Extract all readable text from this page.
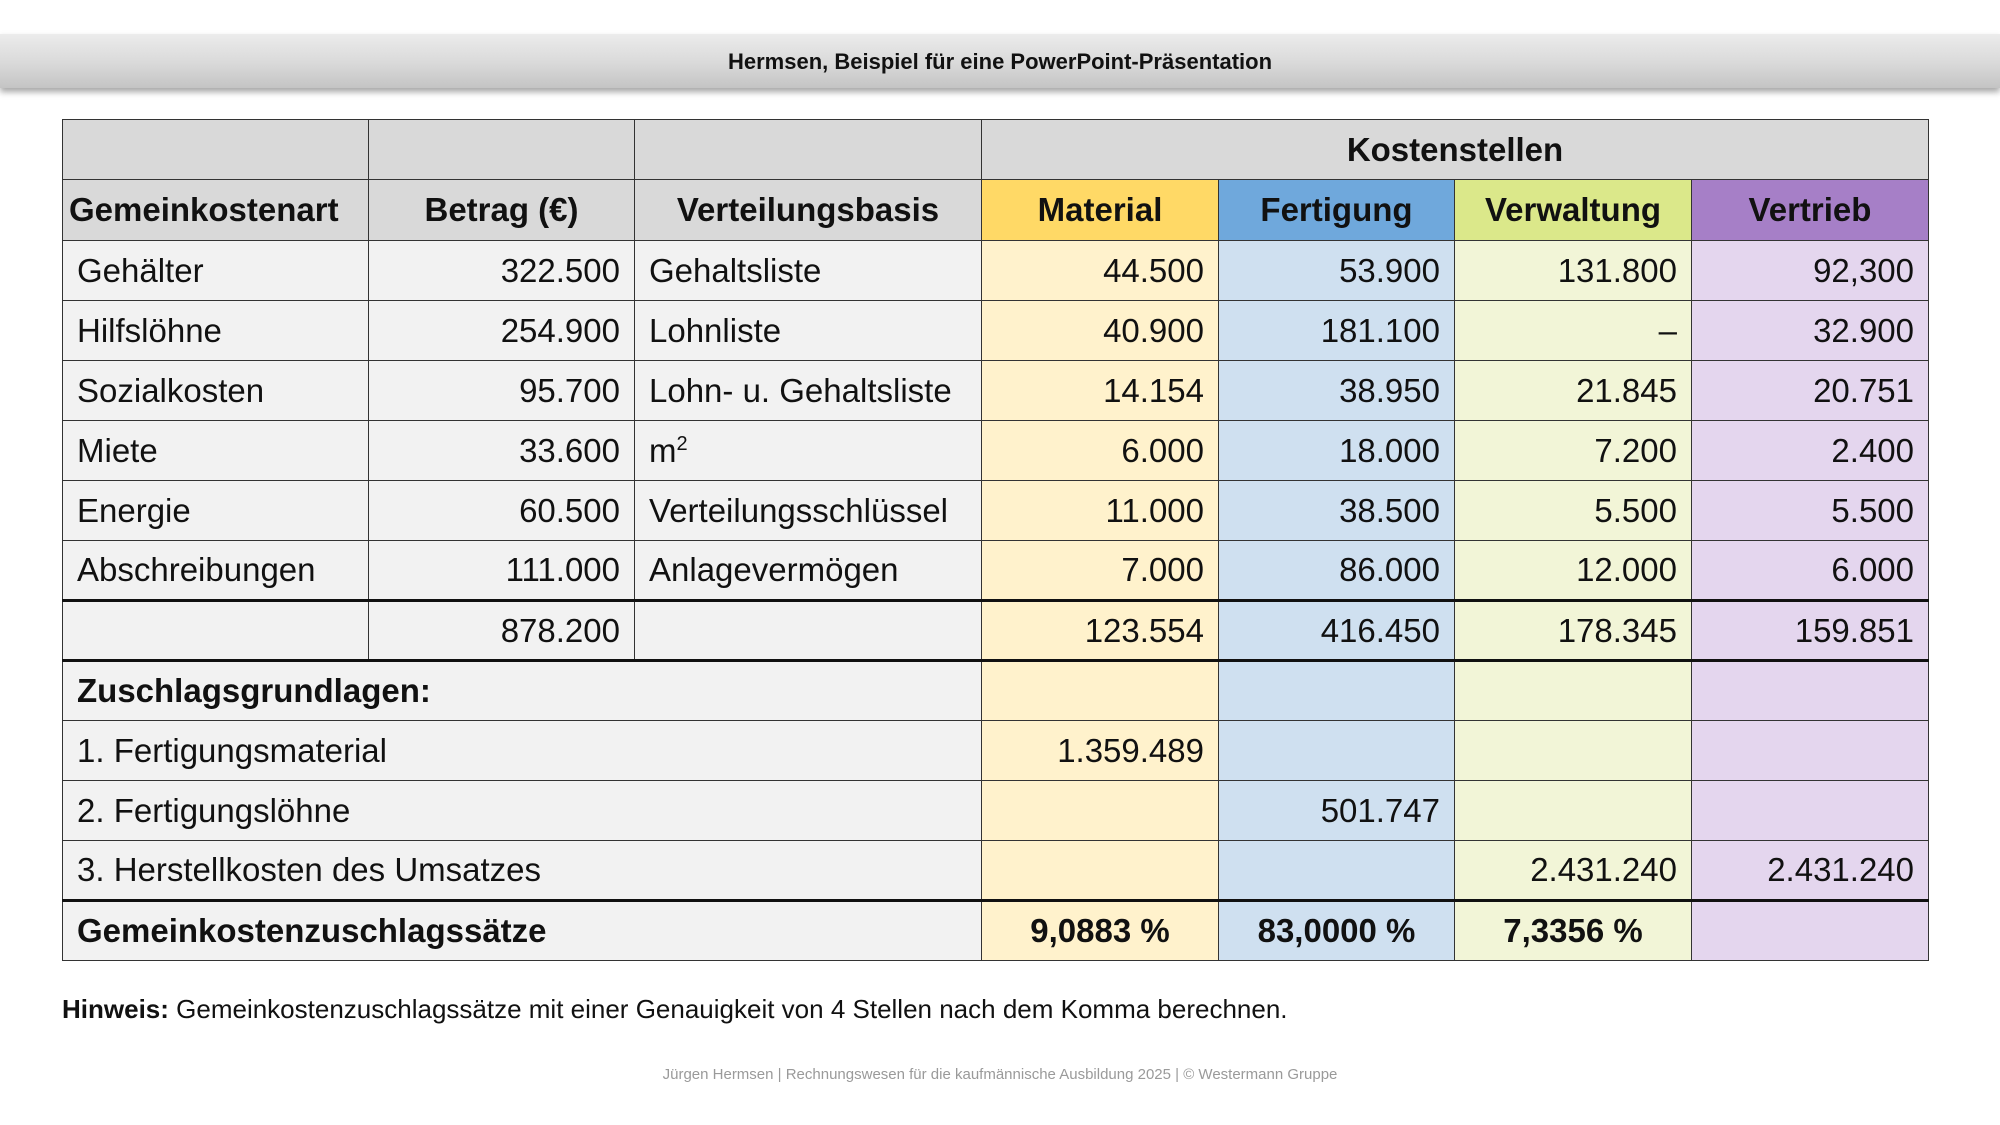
Hermsen, Beispiel für eine PowerPoint-Präsentation
			Kostenstellen			
Gemeinkostenart	Betrag (€)	Verteilungsbasis	Material	Fertigung	Verwaltung	Vertrieb
Gehälter	322.500	Gehaltsliste	44.500	53.900	131.800	92,300
Hilfslöhne	254.900	Lohnliste	40.900	181.100	–	32.900
Sozialkosten	95.700	Lohn- u. Gehaltsliste	14.154	38.950	21.845	20.751
Miete	33.600	$m^2$	6.000	18.000	7.200	2.400
Energie	60.500	Verteilungsschlüssel	11.000	38.500	5.500	5.500
Abschreibungen	111.000	Anlagevermögen	7.000	86.000	12.000	6.000
	878.200		123.554	416.450	178.345	159.851
Zuschlagsgrundlagen:						
1. Fertigungsmaterial			1.359.489			
2. Fertigungslöhne				501.747		
3. Herstellkosten des Umsatzes					2.431.240	2.431.240
Gemeinkostenzuschlagssätze			9,0883 %	83,0000 %	7,3356 %	
Hinweis: Gemeinkostenzuschlagssätze mit einer Genauigkeit von 4 Stellen nach dem Komma berechnen.
Jürgen Hermsen | Rechnungswesen für die kaufmännische Ausbildung 2025 | © Westermann Gruppe
